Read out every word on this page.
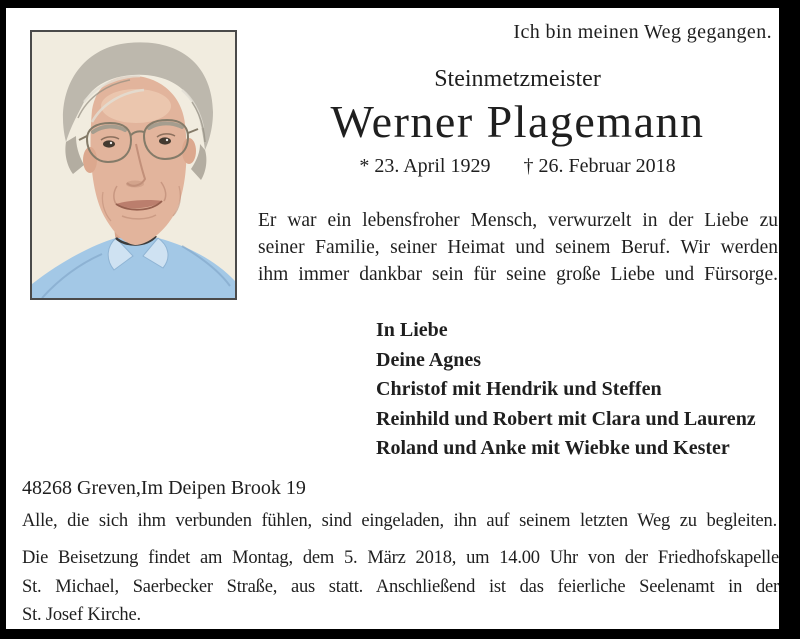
Ich bin meinen Weg gegangen.
Steinmetzmeister
Werner Plagemann
* 23. April 1929 † 26. Februar 2018
Er war ein lebensfroher Mensch, verwurzelt in der Liebe zu
seiner Familie, seiner Heimat und seinem Beruf. Wir werden
ihm immer dankbar sein für seine große Liebe und Fürsorge.
In Liebe
Deine Agnes
Christof mit Hendrik und Steffen
Reinhild und Robert mit Clara und Laurenz
Roland und Anke mit Wiebke und Kester
48268 Greven,Im Deipen Brook 19
Alle, die sich ihm verbunden fühlen, sind eingeladen, ihn auf seinem letzten Weg zu begleiten.
Die Beisetzung findet am Montag, dem 5. März 2018, um 14.00 Uhr von der Friedhofskapelle
St. Michael, Saerbecker Straße, aus statt. Anschließend ist das feierliche Seelenamt in der
St. Josef Kirche.
